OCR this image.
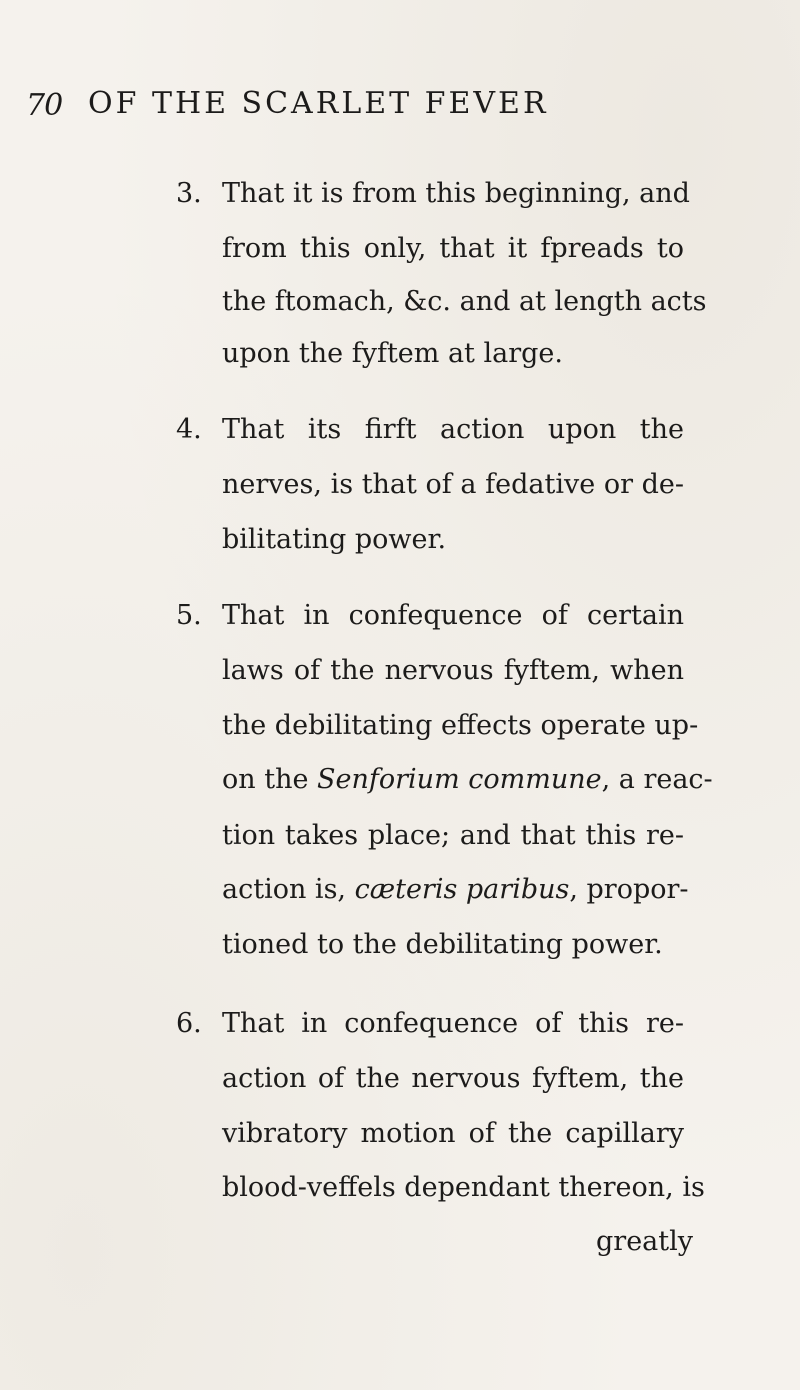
70 OF THE SCARLET FEVER
3. That it is from this beginning, and
from this only, that it fpreads to
the ftomach, &c. and at length acts
upon the fyftem at large.
4. That its firft action upon the
nerves, is that of a fedative or de-
bilitating power.
5. That in confequence of certain
laws of the nervous fyftem, when
the debilitating effects operate up-
on the Senforium commune, a reac-
tion takes place; and that this re-
action is, cæteris paribus, propor-
tioned to the debilitating power.
6. That in confequence of this re-
action of the nervous fyftem, the
vibratory motion of the capillary
blood-veffels dependant thereon, is
greatly
